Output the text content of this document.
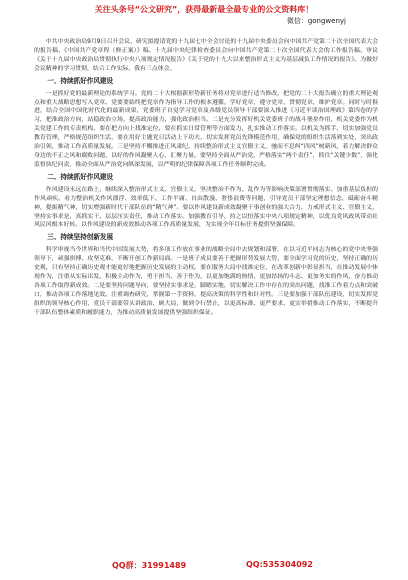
关注头条号“公文研究”，获得最新最全最专业的公文资料库！
微信：gongwenyj

中共中央政治局9月9日召开会议，研究拟提请党的十九届七中全会讨论的十九届中央委员会向中国共产党第二十次全国代表大会的报告稿、《中国共产党章程（修正案）》稿、十九届中央纪律检查委员会向中国共产党第二十次全国代表大会的工作报告稿。审议《关于十九届中央政治局贯彻执行中央八项规定情况报告》《关于党的十九大以来整治形式主义为基层减负工作情况的报告》。为做好会议精神的学习贯彻，结合工作实际，我有三点体会。

一、持续抓好作风建设

一是抓好党的最新理论的系统学习。党的二十大根据新形势新任务将对党章进行适当修改，把党的二十大报告确立的重大理论观点和重大战略思想写入党章。党要要始终把党章作为指导工作的根本遵循，学好党章，遵守党章，贯彻党章，维护党章。同时与时俱进，结合全国中国化时代化的最新成果，党委班子自觉学习党章及各级党员领导干部要深入推进《习近平谈治国理政》第四卷的学习，把准政治方向，站稳政治立场，提高政治能力，强化政治担当。二是充分发挥好机关党委班子的战斗堡垒作用，机关党委作为机关党建工作的专责机构，要在把方向上找准定位，要在抓实日常管理等方面发力，扎实推动工作落实。以机关为抓手，切实加强党员教育管理，严格规范组织生活，要在用好主题党日活动上下功夫，切实发挥党员先锋模范作用，确保党的组织生活落到实处，突出政治引领，推动工作高质量发展。三是坚持不懈推进正风肃纪，持续整治形式主义官僚主义，驰而不息纠“四风”树新风，着力解决群众身边的不正之风和腐败问题，以好的作风凝聚人心、汇聚力量。要坚持全面从严治党，严格落实“两个责任”，抓住“关键少数”，强化监督执纪问责，推动全面从严治党向纵深发展，以严明的纪律保障各项工作任务顺利完成。

二、持续抓好作风建设

作风建设永远在路上，继续深入整治形式主义、官僚主义，坚决整治不作为、乱作为等影响决策部署贯彻落实、加重基层负担的作风顽疾。看力整治机关作风漂浮、效率低下、工作平庸、自由散漫、奢侈浪费等问题，引导党员干部坚定理想信念，砥砺奋斗精神，提振精气神，切实增强新时代干部队伍的“精气神”。要以作风建设新成效凝聚干事创业的强大合力，力戒形式主义、官僚主义，坚持实事求是，真抓实干，层层压实责任，推动工作落实。加强教育引导，持之以恒落实中央八项规定精神，以优良党风政风带动社风民风根本好转。以作风建设的新成效推动各项工作高质量发展，为实现全年目标任务提供坚强保障。

三、持续坚持创新发展

科学审视当今世界和当代中国发展大势，将多项工作放在事业的战略全局中去规划和部署，在以习近平同志为核心的党中央坚强领导下，顽强拼搏、攻坚克难，不断开创工作新局面。一是班子成员要善于把握形势发展大势，要全面学习党的历史，坚持正确的历史观，只有坚持正确历史观才能更好地把握历史发展的主动权。要在服务大局中找准定位、在改革创新中彰显担当，在推动发展中体现作为，注重从实际出发，积极主动作为，勇于担当、善于作为，以更加饱满的热情、更加昂扬的斗志、更加务实的作风，奋力推动各项工作取得新成效。二是要坚持问题导向，要坚持实事求是，脚踏实地，切实解决工作中存在的突出问题，找准工作着力点和突破口，推动各项工作落地见效。注重调查研究，掌握第一手资料，提高决策的科学性和针对性。三是要加强干部队伍建设，切实发挥党组织的领导核心作用，党员干部要带头讲政治、顾大局，做到令行禁止，以更高标准、更严要求、更实举措推动工作落实，不断提升干部队伍整体素质和履职能力，为推动高质量发展提供坚强组织保证。

QQ群：31991489	QQ:535304092
